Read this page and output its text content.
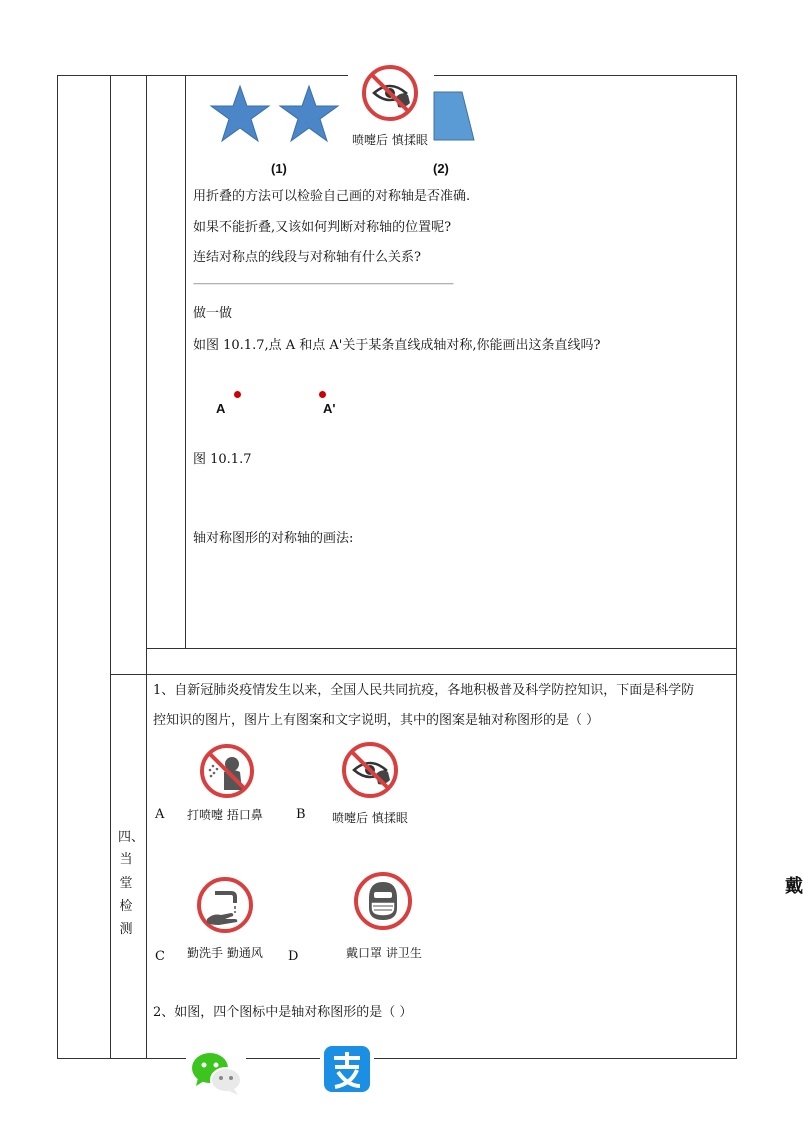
喷嚏后 慎揉眼
(1)	(2)
用折叠的方法可以检验自己画的对称轴是否准确.
如果不能折叠,又该如何判断对称轴的位置呢?
连结对称点的线段与对称轴有什么关系?
——————————————————————————
做一做
如图 10.1.7,点 A 和点 A'关于某条直线成轴对称,你能画出这条直线吗?
A	A'
图 10.1.7
轴对称图形的对称轴的画法:
四、
当
堂
检
测
1、自新冠肺炎疫情发生以来，全国人民共同抗疫，各地积极普及科学防控知识，下面是科学防
控知识的图片，图片上有图案和文字说明，其中的图案是轴对称图形的是（ ）
A 打喷嚏 捂口鼻	B 喷嚏后 慎揉眼
C 勤洗手 勤通风 D	戴口罩 讲卫生
2、如图，四个图标中是轴对称图形的是（ ）
戴
